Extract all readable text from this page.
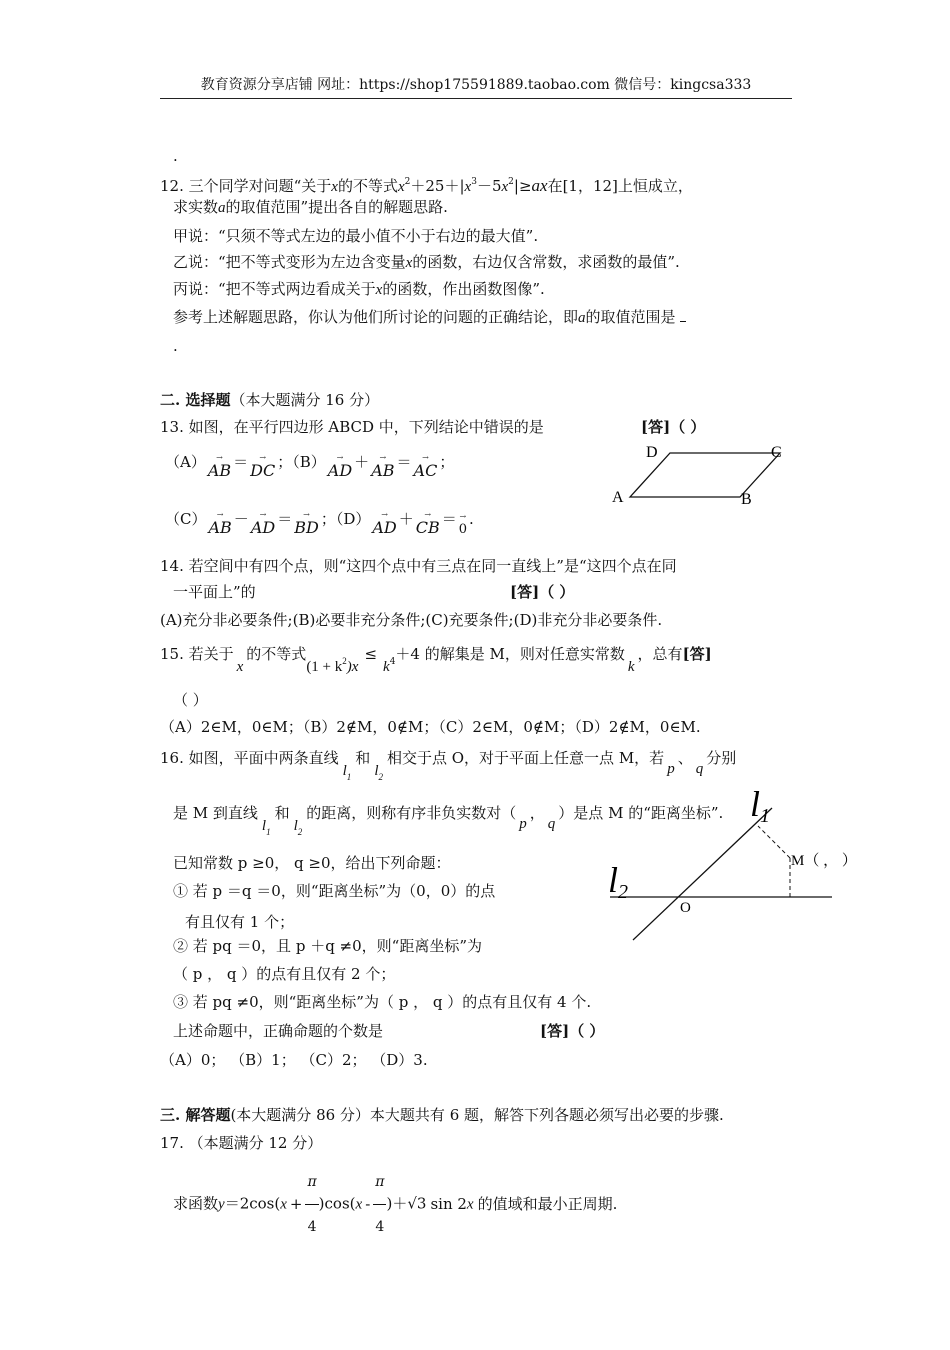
教育资源分享店铺 网址：https://shop175591889.taobao.com 微信号：kingcsa333
.
12. 三个同学对问题“关于x的不等式$x^2+25+|x^3-5x^2|\ge ax$在[1，12]上恒成立，
求实数a的取值范围”提出各自的解题思路.
甲说：“只须不等式左边的最小值不小于右边的最大值”.
乙说：“把不等式变形为左边含变量x的函数，右边仅含常数，求函数的最值”.
丙说：“把不等式两边看成关于x的函数，作出函数图像”.
参考上述解题思路，你认为他们所讨论的问题的正确结论，即a的取值范围是
.
二. 选择题（本大题满分 16 分）
13. 如图，在平行四边形 ABCD 中，下列结论中错误的是	[答]（ ）
（A）	→
AB ＝	→
DC ；（B）	→
AD ＋	→
AB ＝	→
AC ；
（C）	→
AB －	→
AD ＝	→
BD ；（D）	→
AD ＋	→
CB ＝ →
0.
A	B
C
D
14. 若空间中有四个点，则“这四个点中有三点在同一直线上”是“这四个点在同
一平面上”的	[答]（ ）
(A)充分非必要条件;(B)必要非充分条件;(C)充要条件;(D)非充分非必要条件.
15. 若关于x的不等式$(1 + k^2)x\le k_4+4$ 的解集是 M，则对任意实常数k，总有[答]
（ ）
（A）2∈M，0∈M；（B）2∉M，0∉M；（C）2∈M，0∉M；（D）2∉M，0∈M.
16. 如图，平面中两条直线$l_1$和$l_2$相交于点 O，对于平面上任意一点 M，若p、q分别
是 M 到直线$l_1$和$l_2$的距离，则称有序非负实数对（p，q）是点 M 的“距离坐标”.
已知常数 p ≥0， q ≥0，给出下列命题：
① 若 p ＝q ＝0，则“距离坐标”为（0，0）的点
有且仅有 1 个；
② 若 pq ＝0，且 p ＋q ≠0，则“距离坐标”为
（ p ， q ）的点有且仅有 2 个；
③ 若 pq ≠0，则“距离坐标”为（ p ， q ）的点有且仅有 4 个.
上述命题中，正确命题的个数是	[答]（ ）
（A）0； （B）1； （C）2； （D）3.
l1
l2
M（ ， ）
O
三. 解答题(本大题满分 86 分）本大题共有 6 题，解答下列各题必须写出必要的步骤.
17. （本题满分 12 分）
求函数$y=2\cos(x + \frac{\pi}{4} )\cos(x - \frac{\pi}{4} )+√3$ sin 2x 的值域和最小正周期.
